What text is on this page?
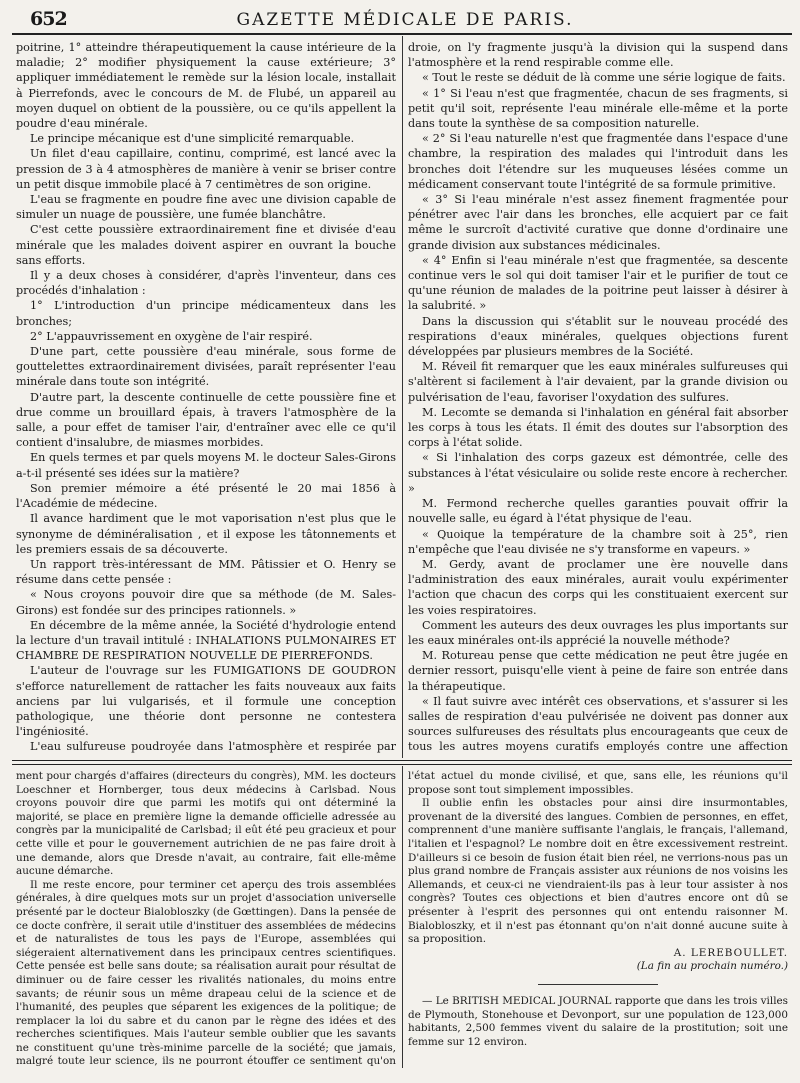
652	GAZETTE MÉDICALE DE PARIS.

poitrine, 1° atteindre thérapeutiquement la cause intérieure de la maladie; 2° modifier physiquement la cause extérieure; 3° appliquer immédiatement le remède sur la lésion locale, installait à Pierrefonds, avec le concours de M. de Flubé, un appareil au moyen duquel on obtient de la poussière, ou ce qu'ils appellent la poudre d'eau minérale.

Le principe mécanique est d'une simplicité remarquable.

Un filet d'eau capillaire, continu, comprimé, est lancé avec la pression de 3 à 4 atmosphères de manière à venir se briser contre un petit disque immobile placé à 7 centimètres de son origine.

L'eau se fragmente en poudre fine avec une division capable de simuler un nuage de poussière, une fumée blanchâtre.

C'est cette poussière extraordinairement fine et divisée d'eau minérale que les malades doivent aspirer en ouvrant la bouche sans efforts.

Il y a deux choses à considérer, d'après l'inventeur, dans ces procédés d'inhalation :

1° L'introduction d'un principe médicamenteux dans les bronches;

2° L'appauvrissement en oxygène de l'air respiré.

D'une part, cette poussière d'eau minérale, sous forme de gouttelettes extraordinairement divisées, paraît représenter l'eau minérale dans toute son intégrité.

D'autre part, la descente continuelle de cette poussière fine et drue comme un brouillard épais, à travers l'atmosphère de la salle, a pour effet de tamiser l'air, d'entraîner avec elle ce qu'il contient d'insalubre, de miasmes morbides.

En quels termes et par quels moyens M. le docteur Sales-Girons a-t-il présenté ses idées sur la matière?

Son premier mémoire a été présenté le 20 mai 1856 à l'Académie de médecine.

Il avance hardiment que le mot vaporisation n'est plus que le synonyme de déminéralisation , et il expose les tâtonnements et les premiers essais de sa découverte.

Un rapport très-intéressant de MM. Pâtissier et O. Henry se résume dans cette pensée :

« Nous croyons pouvoir dire que sa méthode (de M. Sales-Girons) est fondée sur des principes rationnels. »

En décembre de la même année, la Société d'hydrologie entend la lecture d'un travail intitulé : INHALATIONS PULMONAIRES ET CHAMBRE DE RESPIRATION NOUVELLE DE PIERREFONDS.

L'auteur de l'ouvrage sur les FUMIGATIONS DE GOUDRON s'efforce naturellement de rattacher les faits nouveaux aux faits anciens par lui vulgarisés, et il formule une conception pathologique, une théorie dont personne ne contestera l'ingéniosité.

L'eau sulfureuse poudroyée dans l'atmosphère et respirée par

droie, on l'y fragmente jusqu'à la division qui la suspend dans l'atmosphère et la rend respirable comme elle.

« Tout le reste se déduit de là comme une série logique de faits.

« 1° Si l'eau n'est que fragmentée, chacun de ses fragments, si petit qu'il soit, représente l'eau minérale elle-même et la porte dans toute la synthèse de sa composition naturelle.

« 2° Si l'eau naturelle n'est que fragmentée dans l'espace d'une chambre, la respiration des malades qui l'introduit dans les bronches doit l'étendre sur les muqueuses lésées comme un médicament conservant toute l'intégrité de sa formule primitive.

« 3° Si l'eau minérale n'est assez finement fragmentée pour pénétrer avec l'air dans les bronches, elle acquiert par ce fait même le surcroît d'activité curative que donne d'ordinaire une grande division aux substances médicinales.

« 4° Enfin si l'eau minérale n'est que fragmentée, sa descente continue vers le sol qui doit tamiser l'air et le purifier de tout ce qu'une réunion de malades de la poitrine peut laisser à désirer à la salubrité. »

Dans la discussion qui s'établit sur le nouveau procédé des respirations d'eaux minérales, quelques objections furent développées par plusieurs membres de la Société.

M. Réveil fit remarquer que les eaux minérales sulfureuses qui s'altèrent si facilement à l'air devaient, par la grande division ou pulvérisation de l'eau, favoriser l'oxydation des sulfures.

M. Lecomte se demanda si l'inhalation en général fait absorber les corps à tous les états. Il émit des doutes sur l'absorption des corps à l'état solide.

« Si l'inhalation des corps gazeux est démontrée, celle des substances à l'état vésiculaire ou solide reste encore à rechercher. »

M. Fermond recherche quelles garanties pouvait offrir la nouvelle salle, eu égard à l'état physique de l'eau.

« Quoique la température de la chambre soit à 25°, rien n'empêche que l'eau divisée ne s'y transforme en vapeurs. »

M. Gerdy, avant de proclamer une ère nouvelle dans l'administration des eaux minérales, aurait voulu expérimenter l'action que chacun des corps qui les constituaient exercent sur les voies respiratoires.

Comment les auteurs des deux ouvrages les plus importants sur les eaux minérales ont-ils apprécié la nouvelle méthode?

M. Rotureau pense que cette médication ne peut être jugée en dernier ressort, puisqu'elle vient à peine de faire son entrée dans la thérapeutique.

« Il faut suivre avec intérêt ces observations, et s'assurer si les salles de respiration d'eau pulvérisée ne doivent pas donner aux sources sulfureuses des résultats plus encourageants que ceux de tous les autres moyens curatifs employés contre une affection

ment pour chargés d'affaires (directeurs du congrès), MM. les docteurs Loeschner et Hornberger, tous deux médecins à Carlsbad. Nous croyons pouvoir dire que parmi les motifs qui ont déterminé la majorité, se place en première ligne la demande officielle adressée au congrès par la municipalité de Carlsbad; il eût été peu gracieux et pour cette ville et pour le gouvernement autrichien de ne pas faire droit à une demande, alors que Dresde n'avait, au contraire, fait elle-même aucune démarche.

Il me reste encore, pour terminer cet aperçu des trois assemblées générales, à dire quelques mots sur un projet d'association universelle présenté par le docteur Bialobloszky (de Gœttingen). Dans la pensée de ce docte confrère, il serait utile d'instituer des assemblées de médecins et de naturalistes de tous les pays de l'Europe, assemblées qui siégeraient alternativement dans les principaux centres scientifiques. Cette pensée est belle sans doute; sa réalisation aurait pour résultat de diminuer ou de faire cesser les rivalités nationales, du moins entre savants; de réunir sous un même drapeau celui de la science et de l'humanité, des peuples que séparent les exigences de la politique; de remplacer la loi du sabre et du canon par le règne des idées et des recherches scientifiques. Mais l'auteur semble oublier que les savants ne constituent qu'une très-minime parcelle de la société; que jamais, malgré toute leur science, ils ne pourront étouffer ce sentiment qu'on

l'état actuel du monde civilisé, et que, sans elle, les réunions qu'il propose sont tout simplement impossibles.

Il oublie enfin les obstacles pour ainsi dire insurmontables, provenant de la diversité des langues. Combien de personnes, en effet, comprennent d'une manière suffisante l'anglais, le français, l'allemand, l'italien et l'espagnol? Le nombre doit en être excessivement restreint. D'ailleurs si ce besoin de fusion était bien réel, ne verrions-nous pas un plus grand nombre de Français assister aux réunions de nos voisins les Allemands, et ceux-ci ne viendraient-ils pas à leur tour assister à nos congrès? Toutes ces objections et bien d'autres encore ont dû se présenter à l'esprit des personnes qui ont entendu raisonner M. Bialobloszky, et il n'est pas étonnant qu'on n'ait donné aucune suite à sa proposition.

A. LEREBOULLET.

(La fin au prochain numéro.)

— Le BRITISH MEDICAL JOURNAL rapporte que dans les trois villes de Plymouth, Stonehouse et Devonport, sur une population de 123,000 habitants, 2,500 femmes vivent du salaire de la prostitution; soit une femme sur 12 environ.
